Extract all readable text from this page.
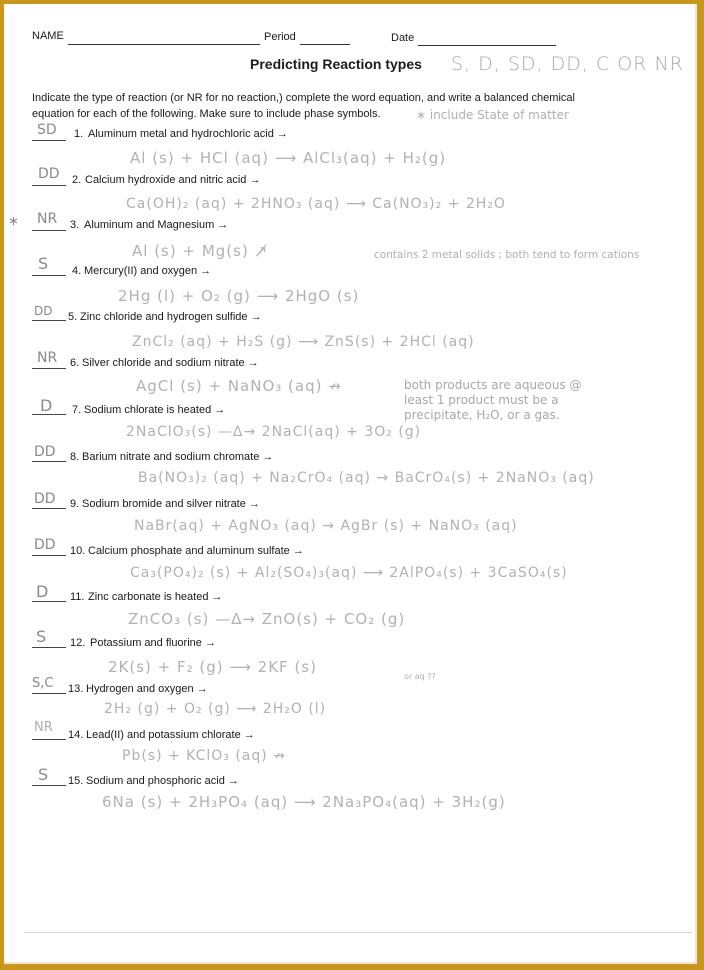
NAME	Period	Date
Predicting Reaction types S, D, SD, DD, C OR NR
Indicate the type of reaction (or NR for no reaction,) complete the word equation, and write a balanced chemical
equation for each of the following. Make sure to include phase symbols.	∗ include State of matter
SD 1. Aluminum metal and hydrochloric acid →
Al (s) + HCl (aq) ⟶ AlCl₃(aq) + H₂(g)
DD 2. Calcium hydroxide and nitric acid →
Ca(OH)₂ (aq) + 2HNO₃ (aq) ⟶ Ca(NO₃)₂ + 2H₂O
∗ NR 3. Aluminum and Magnesium →
Al (s) + Mg(s) ↗̸	contains 2 metal solids ; both tend to form cations
S 4. Mercury(II) and oxygen →
2Hg (l) + O₂ (g) ⟶ 2HgO (s)
DD 5. Zinc chloride and hydrogen sulfide →
ZnCl₂ (aq) + H₂S (g) ⟶ ZnS(s) + 2HCl (aq)
NR 6. Silver chloride and sodium nitrate →
AgCl (s) + NaNO₃ (aq) ↛	both products are aqueous @ least 1 product must be a precipitate, H₂O, or a gas.
D 7. Sodium chlorate is heated →
2NaClO₃(s) —Δ→ 2NaCl(aq) + 3O₂ (g)
DD 8. Barium nitrate and sodium chromate →
Ba(NO₃)₂ (aq) + Na₂CrO₄ (aq) → BaCrO₄(s) + 2NaNO₃ (aq)
DD 9. Sodium bromide and silver nitrate →
NaBr(aq) + AgNO₃ (aq) → AgBr (s) + NaNO₃ (aq)
DD 10. Calcium phosphate and aluminum sulfate →
Ca₃(PO₄)₂ (s) + Al₂(SO₄)₃(aq) ⟶ 2AlPO₄(s) + 3CaSO₄(s)
D 11. Zinc carbonate is heated →
ZnCO₃ (s) —Δ→ ZnO(s) + CO₂ (g)
S 12. Potassium and fluorine →
2K(s) + F₂ (g) ⟶ 2KF (s)
or aq ??
S,C 13. Hydrogen and oxygen →
2H₂ (g) + O₂ (g) ⟶ 2H₂O (l)
NR 14. Lead(II) and potassium chlorate →
Pb(s) + KClO₃ (aq) ↛
S 15. Sodium and phosphoric acid →
6Na (s) + 2H₃PO₄ (aq) ⟶ 2Na₃PO₄(aq) + 3H₂(g)
